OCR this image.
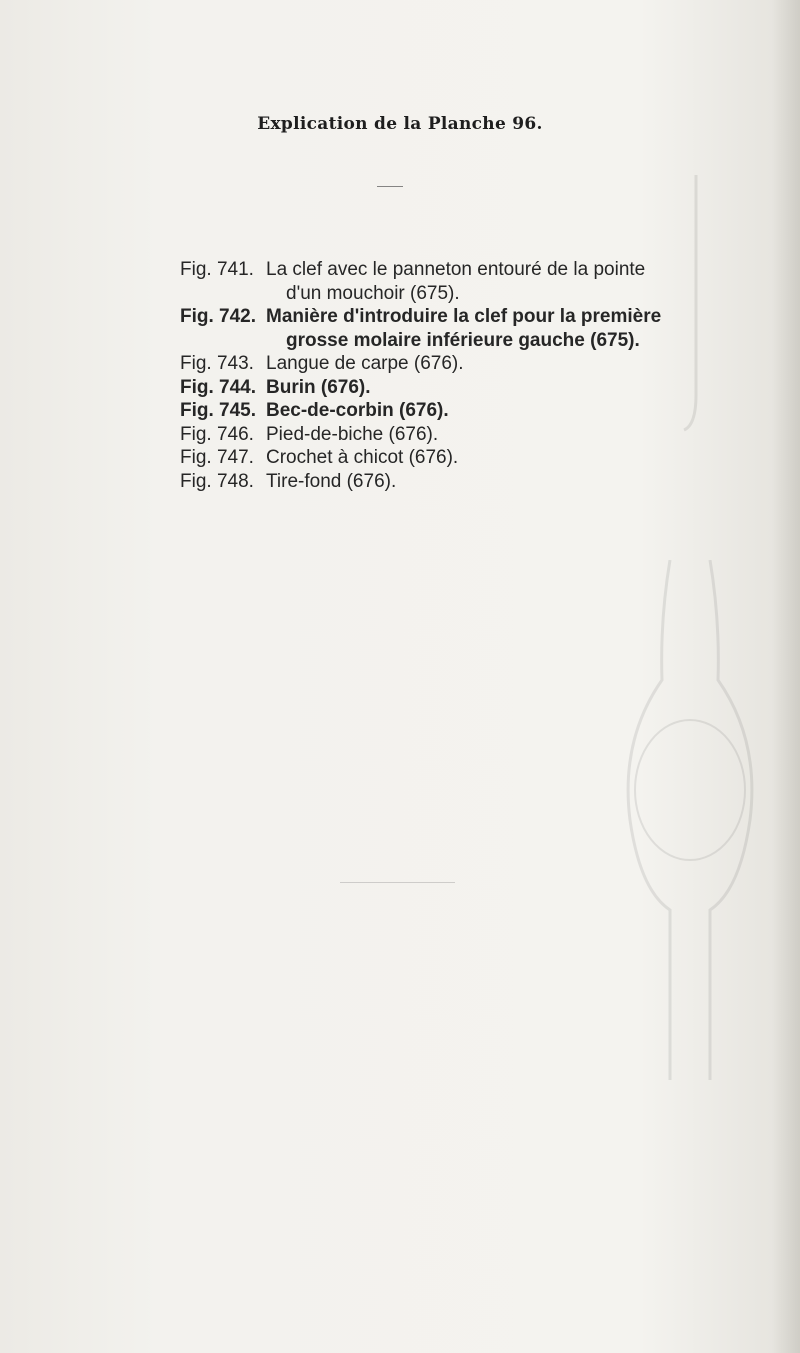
Explication de la Planche 96.
Fig. 741. La clef avec le panneton entouré de la pointe
d'un mouchoir (675).
Fig. 742. Manière d'introduire la clef pour la première
grosse molaire inférieure gauche (675).
Fig. 743. Langue de carpe (676).
Fig. 744. Burin (676).
Fig. 745. Bec-de-corbin (676).
Fig. 746. Pied-de-biche (676).
Fig. 747. Crochet à chicot (676).
Fig. 748. Tire-fond (676).
